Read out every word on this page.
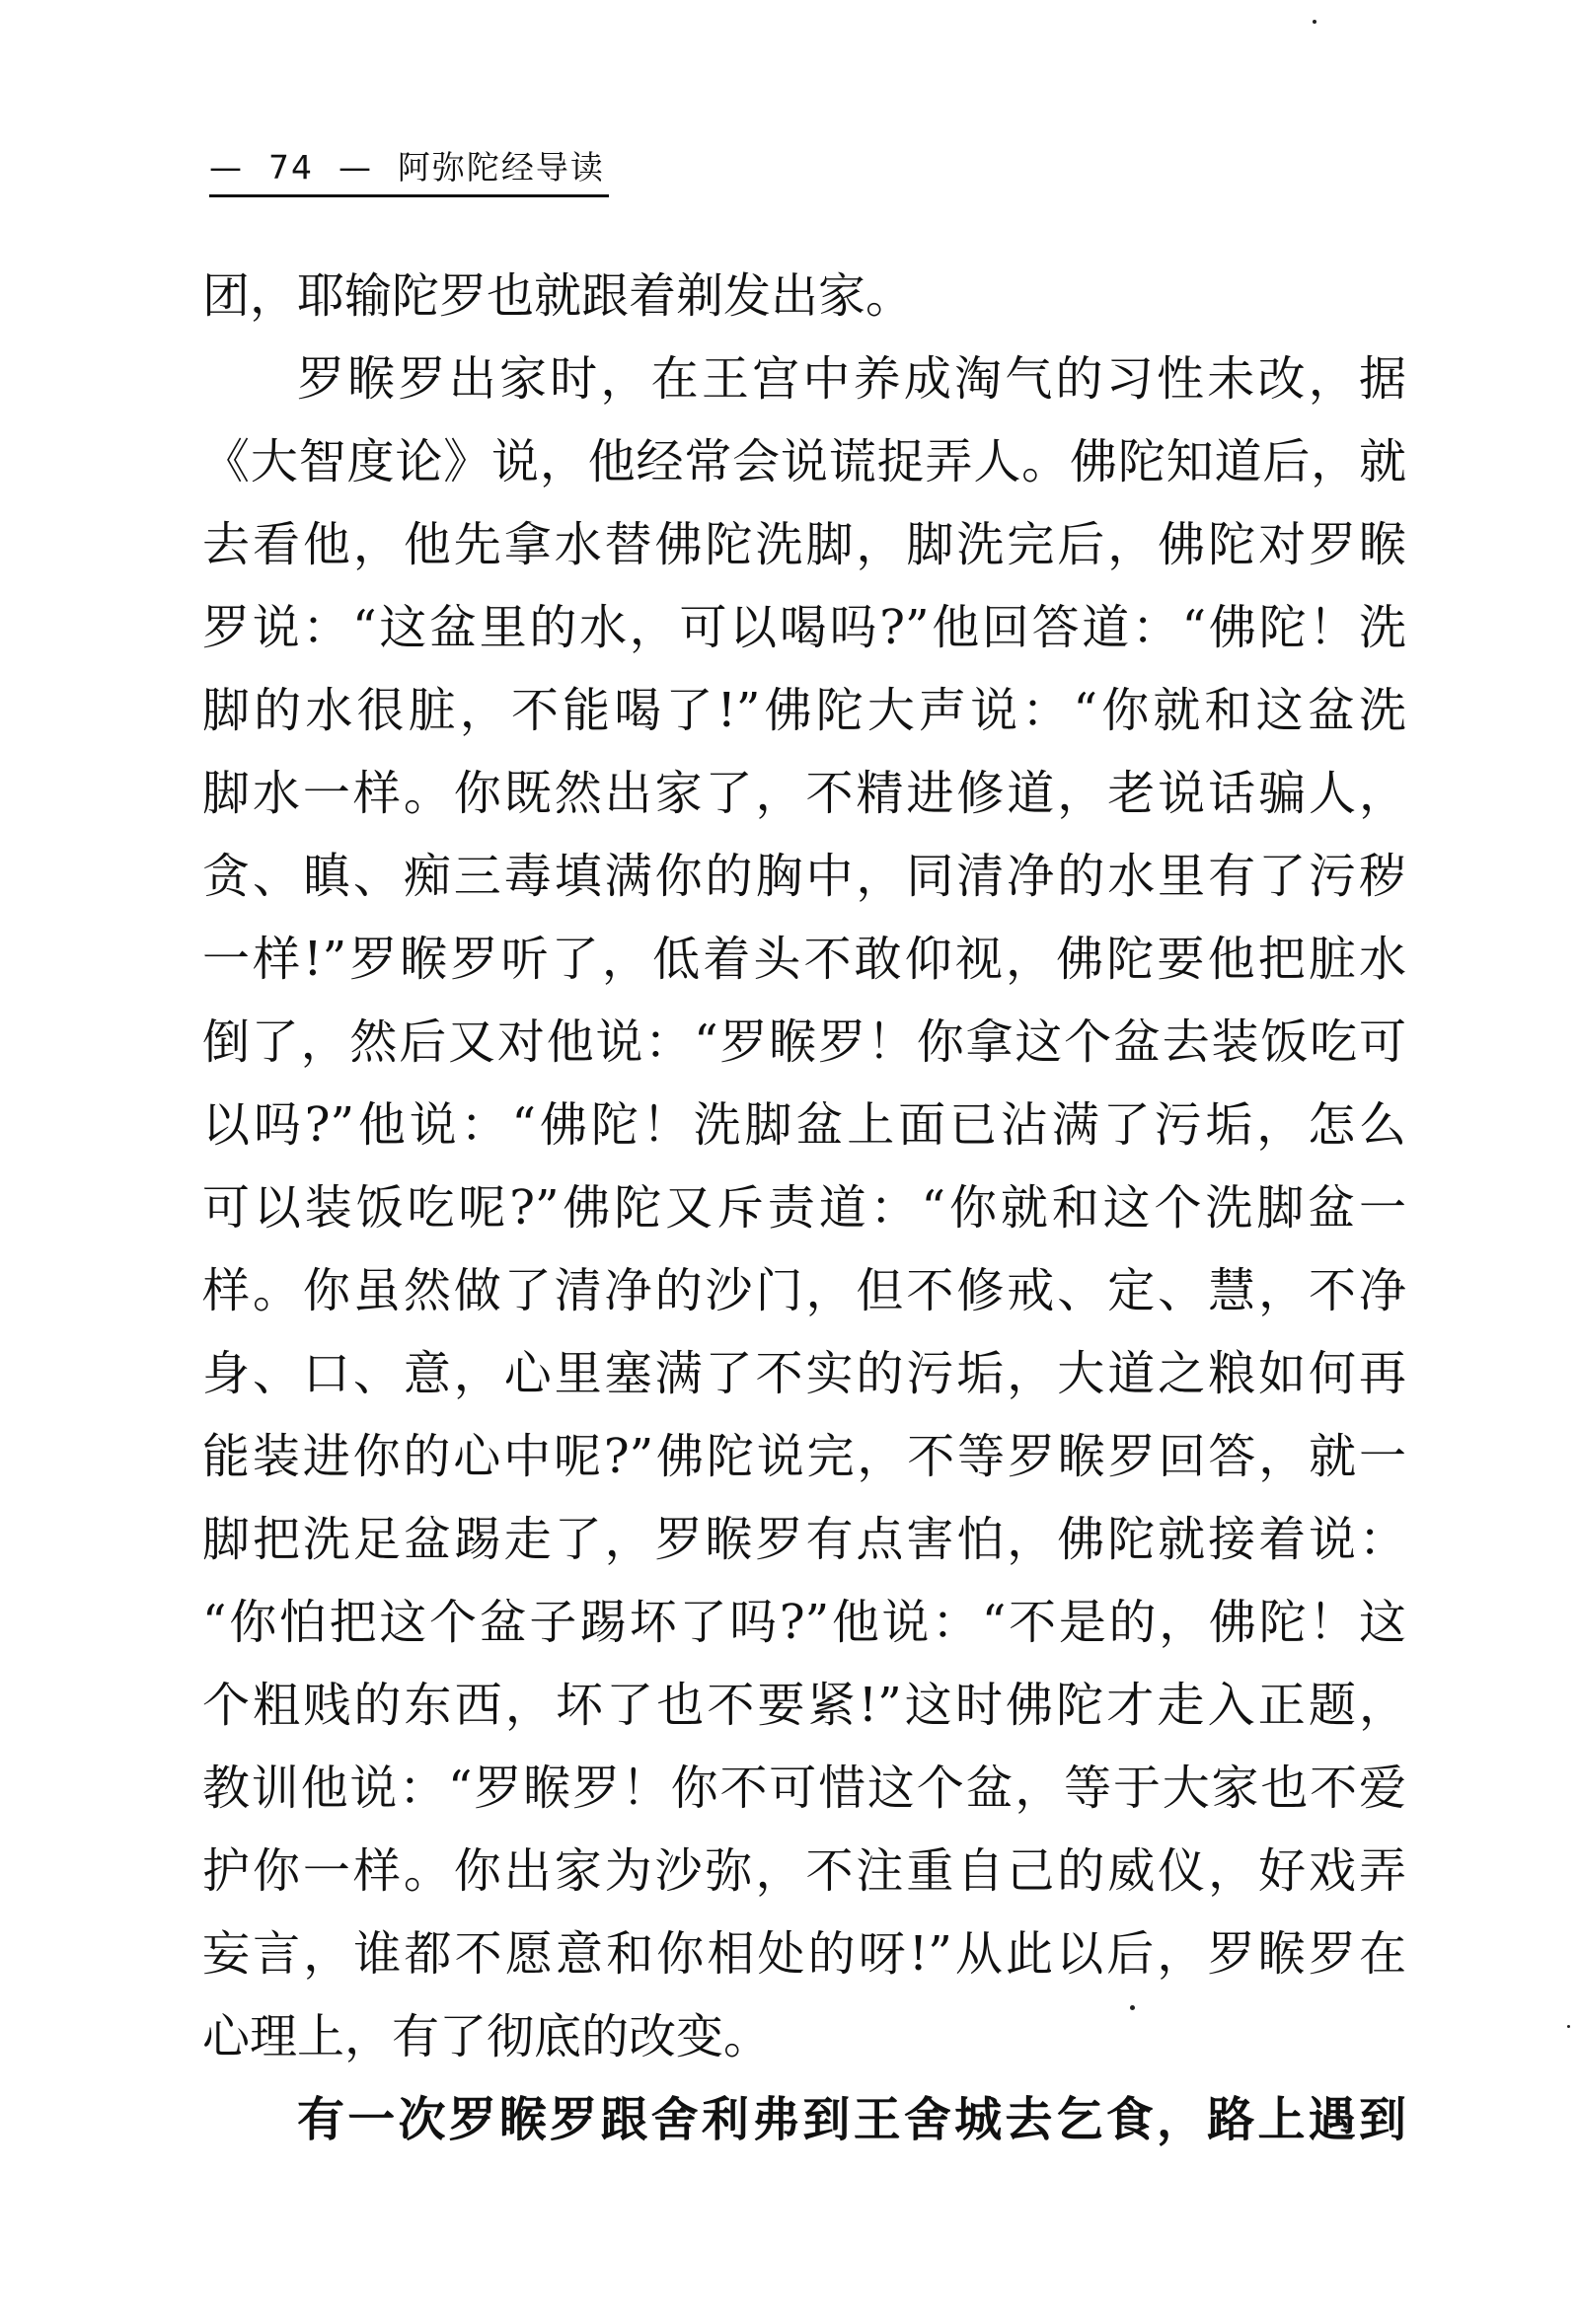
—  74  —  阿弥陀经导读
团，耶输陀罗也就跟着剃发出家。
罗睺罗出家时，在王宫中养成淘气的习性未改，据
《大智度论》说，他经常会说谎捉弄人。佛陀知道后，就
去看他，他先拿水替佛陀洗脚，脚洗完后，佛陀对罗睺
罗说：“这盆里的水，可以喝吗?”他回答道：“佛陀！洗
脚的水很脏，不能喝了!”佛陀大声说：“你就和这盆洗
脚水一样。你既然出家了，不精进修道，老说话骗人，
贪、瞋、痴三毒填满你的胸中，同清净的水里有了污秽
一样!”罗睺罗听了，低着头不敢仰视，佛陀要他把脏水
倒了，然后又对他说：“罗睺罗！你拿这个盆去装饭吃可
以吗?”他说：“佛陀！洗脚盆上面已沾满了污垢，怎么
可以装饭吃呢?”佛陀又斥责道：“你就和这个洗脚盆一
样。你虽然做了清净的沙门，但不修戒、定、慧，不净
身、口、意，心里塞满了不实的污垢，大道之粮如何再
能装进你的心中呢?”佛陀说完，不等罗睺罗回答，就一
脚把洗足盆踢走了，罗睺罗有点害怕，佛陀就接着说：
“你怕把这个盆子踢坏了吗?”他说：“不是的，佛陀！这
个粗贱的东西，坏了也不要紧!”这时佛陀才走入正题，
教训他说：“罗睺罗！你不可惜这个盆，等于大家也不爱
护你一样。你出家为沙弥，不注重自己的威仪，好戏弄
妄言，谁都不愿意和你相处的呀!”从此以后，罗睺罗在
心理上，有了彻底的改变。
有一次罗睺罗跟舍利弗到王舍城去乞食，路上遇到
